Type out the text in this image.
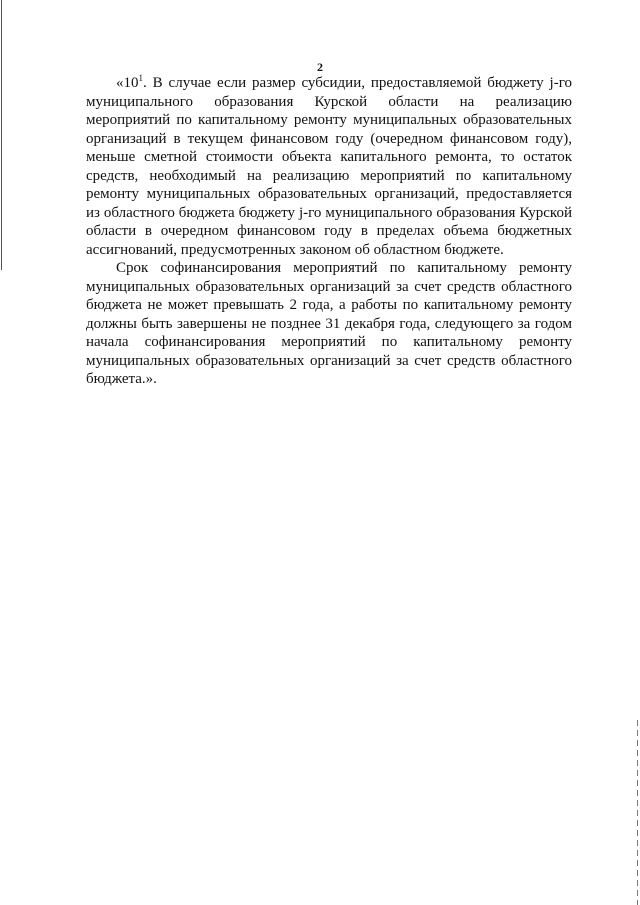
2

«$10^1$. В случае если размер субсидии, предоставляемой бюджету j-го муниципального образования Курской области на реализацию мероприятий по капитальному ремонту муниципальных образовательных организаций в текущем финансовом году (очередном финансовом году), меньше сметной стоимости объекта капитального ремонта, то остаток средств, необходимый на реализацию мероприятий по капитальному ремонту муниципальных образовательных организаций, предоставляется из областного бюджета бюджету j-го муниципального образования Курской области в очередном финансовом году в пределах объема бюджетных ассигнований, предусмотренных законом об областном бюджете.

Срок софинансирования мероприятий по капитальному ремонту муниципальных образовательных организаций за счет средств областного бюджета не может превышать 2 года, а работы по капитальному ремонту должны быть завершены не позднее 31 декабря года, следующего за годом начала софинансирования мероприятий по капитальному ремонту муниципальных образовательных организаций за счет средств областного бюджета.».
